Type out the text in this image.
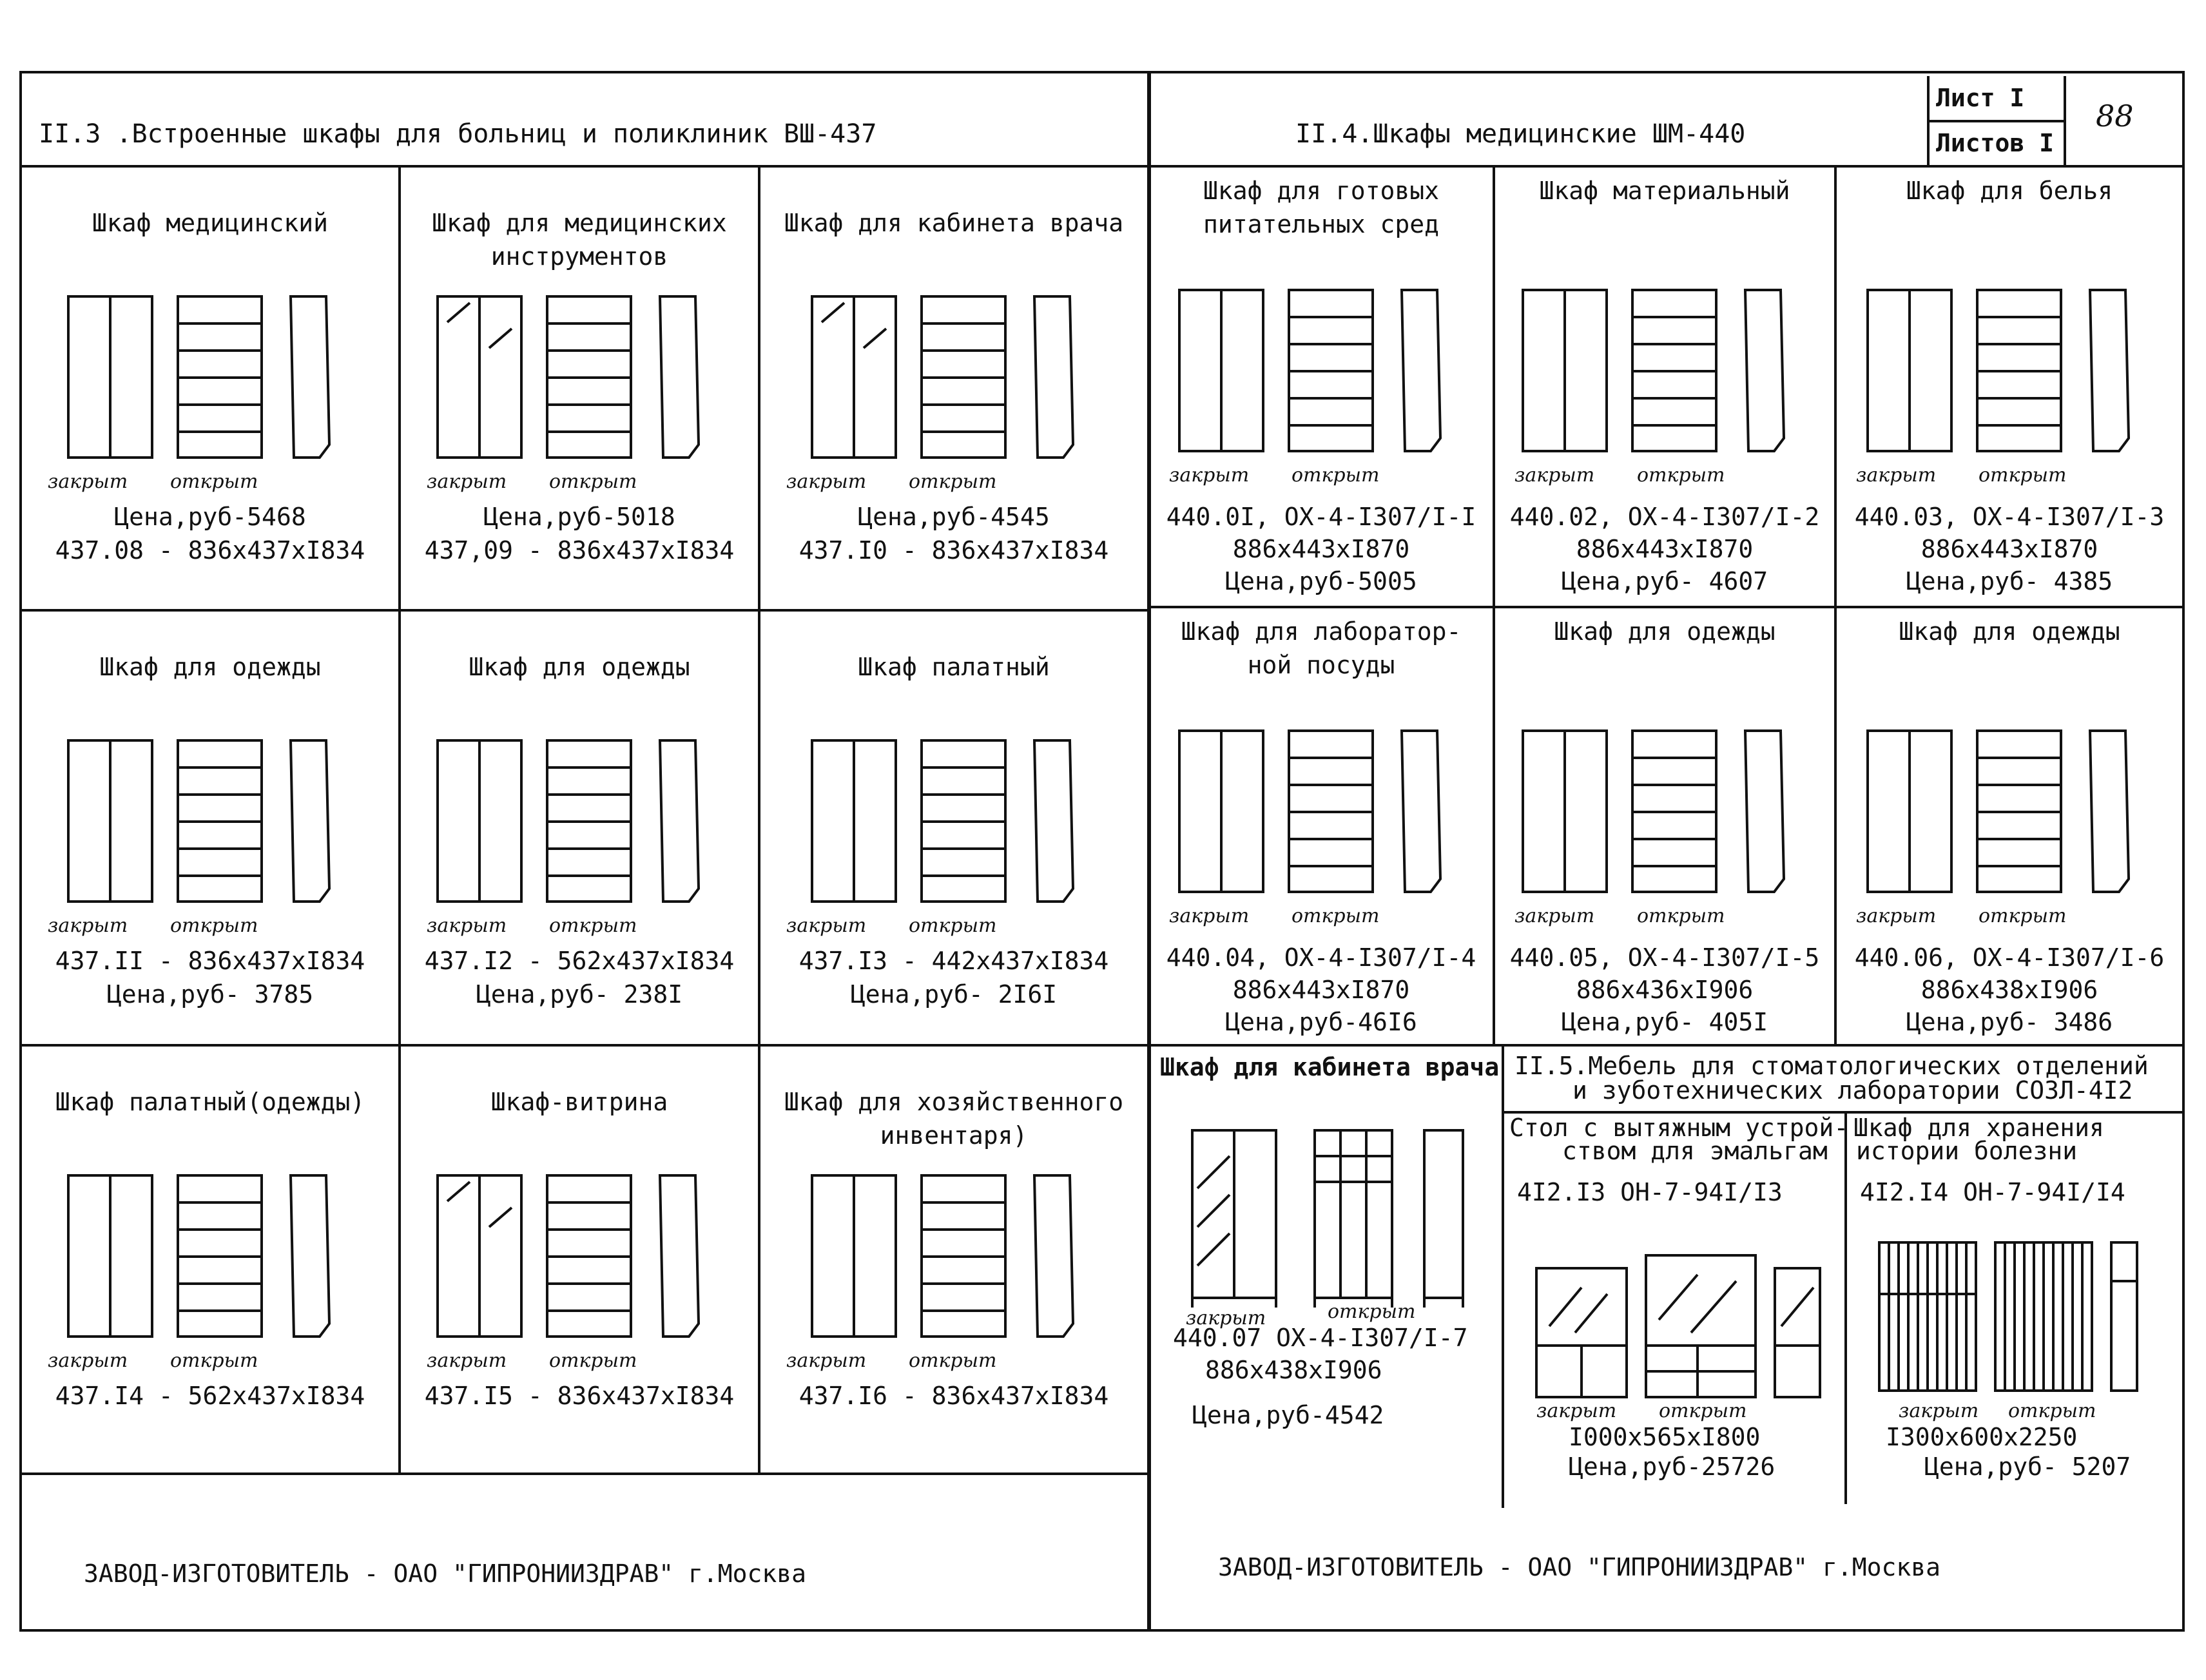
II.3 .Встроенные шкафы для больниц и поликлиник ВШ-437	II.4.Шкафы медицинские ШМ-440
Лист I
Листов I
88
Шкаф медицинский
закрыт открыт
Цена,руб-5468
437.08 - 836х437хI834
Шкаф для медицинских
инструментов
закрыт открыт
Цена,руб-5018
437,09 - 836х437хI834
Шкаф для кабинета врача
закрыт открыт
Цена,руб-4545
437.I0 - 836х437хI834
Шкаф для одежды
закрыт открыт
437.II - 836х437хI834
Цена,руб- 3785
Шкаф для одежды
закрыт открыт
437.I2 - 562х437хI834
Цена,руб- 238I
Шкаф палатный
закрыт открыт
437.I3 - 442х437хI834
Цена,руб- 2I6I
Шкаф палатный(одежды)
закрыт открыт
437.I4 - 562х437хI834
Шкаф-витрина
закрыт открыт
437.I5 - 836х437хI834
Шкаф для хозяйственного
инвентаря)
закрыт открыт
437.I6 - 836х437хI834
Шкаф для готовых
питательных сред
закрыт открыт
440.0I, ОХ-4-I307/I-I
886х443хI870
Цена,руб-5005
Шкаф материальный
закрыт открыт
440.02, ОХ-4-I307/I-2
886х443хI870
Цена,руб- 4607
Шкаф для белья
закрыт открыт
440.03, ОХ-4-I307/I-3
886х443хI870
Цена,руб- 4385
Шкаф для лаборатор-
ной посуды
закрыт открыт
440.04, ОХ-4-I307/I-4
886х443хI870
Цена,руб-46I6
Шкаф для одежды
закрыт открыт
440.05, ОХ-4-I307/I-5
886х436хI906
Цена,руб- 405I
Шкаф для одежды
закрыт открыт
440.06, ОХ-4-I307/I-6
886х438хI906
Цена,руб- 3486
Шкаф для кабинета врача
закрыт	открыт
440.07 ОХ-4-I307/I-7
886х438хI906
Цена,руб-4542
II.5.Мебель для стоматологических отделений
и зуботехнических лаборатории СОЗЛ-4I2
Стол с вытяжным устрой-
ством для эмальгам
4I2.I3 ОН-7-94I/I3
закрыт открыт
I000х565хI800
Цена,руб-25726
Шкаф для хранения
истории болезни
4I2.I4 ОН-7-94I/I4
закрыт открыт
I300х600х2250
Цена,руб- 5207
ЗАВОД-ИЗГОТОВИТЕЛЬ - ОАО "ГИПРОНИИЗДРАВ" г.Москва	ЗАВОД-ИЗГОТОВИТЕЛЬ - ОАО "ГИПРОНИИЗДРАВ" г.Москва
